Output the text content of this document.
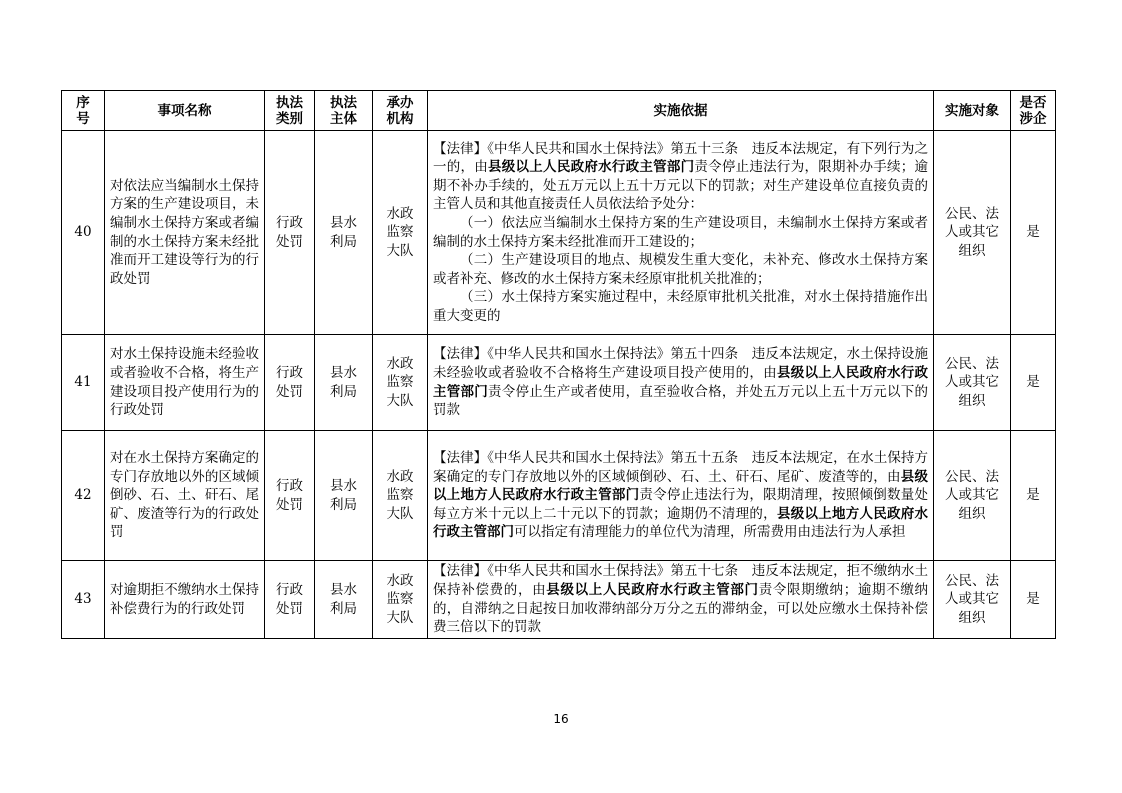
序号	事项名称	执法类别	执法主体	承办机构	实施依据	实施对象	是否涉企
40	对依法应当编制水土保持方案的生产建设项目，未编制水土保持方案或者编制的水土保持方案未经批准而开工建设等行为的行政处罚	行政处罚	县水利局	水政监察大队	【法律】《中华人民共和国水土保持法》第五十三条　违反本法规定，有下列行为之一的，由县级以上人民政府水行政主管部门责令停止违法行为，限期补办手续；逾期不补办手续的，处五万元以上五十万元以下的罚款；对生产建设单位直接负责的主管人员和其他直接责任人员依法给予处分：

（一）依法应当编制水土保持方案的生产建设项目，未编制水土保持方案或者编制的水土保持方案未经批准而开工建设的；

（二）生产建设项目的地点、规模发生重大变化，未补充、修改水土保持方案或者补充、修改的水土保持方案未经原审批机关批准的；

（三）水土保持方案实施过程中，未经原审批机关批准，对水土保持措施作出重大变更的	公民、法人或其它组织	是
41	对水土保持设施未经验收或者验收不合格，将生产建设项目投产使用行为的行政处罚	行政处罚	县水利局	水政监察大队	【法律】《中华人民共和国水土保持法》第五十四条　违反本法规定，水土保持设施未经验收或者验收不合格将生产建设项目投产使用的，由县级以上人民政府水行政主管部门责令停止生产或者使用，直至验收合格，并处五万元以上五十万元以下的罚款	公民、法人或其它组织	是
42	对在水土保持方案确定的专门存放地以外的区域倾倒砂、石、土、矸石、尾矿、废渣等行为的行政处罚	行政处罚	县水利局	水政监察大队	【法律】《中华人民共和国水土保持法》第五十五条　违反本法规定，在水土保持方案确定的专门存放地以外的区域倾倒砂、石、土、矸石、尾矿、废渣等的，由县级以上地方人民政府水行政主管部门责令停止违法行为，限期清理，按照倾倒数量处每立方米十元以上二十元以下的罚款；逾期仍不清理的，县级以上地方人民政府水行政主管部门可以指定有清理能力的单位代为清理，所需费用由违法行为人承担	公民、法人或其它组织	是
43	对逾期拒不缴纳水土保持补偿费行为的行政处罚	行政处罚	县水利局	水政监察大队	【法律】《中华人民共和国水土保持法》第五十七条　违反本法规定，拒不缴纳水土保持补偿费的，由县级以上人民政府水行政主管部门责令限期缴纳；逾期不缴纳的，自滞纳之日起按日加收滞纳部分万分之五的滞纳金，可以处应缴水土保持补偿费三倍以下的罚款	公民、法人或其它组织	是
16
